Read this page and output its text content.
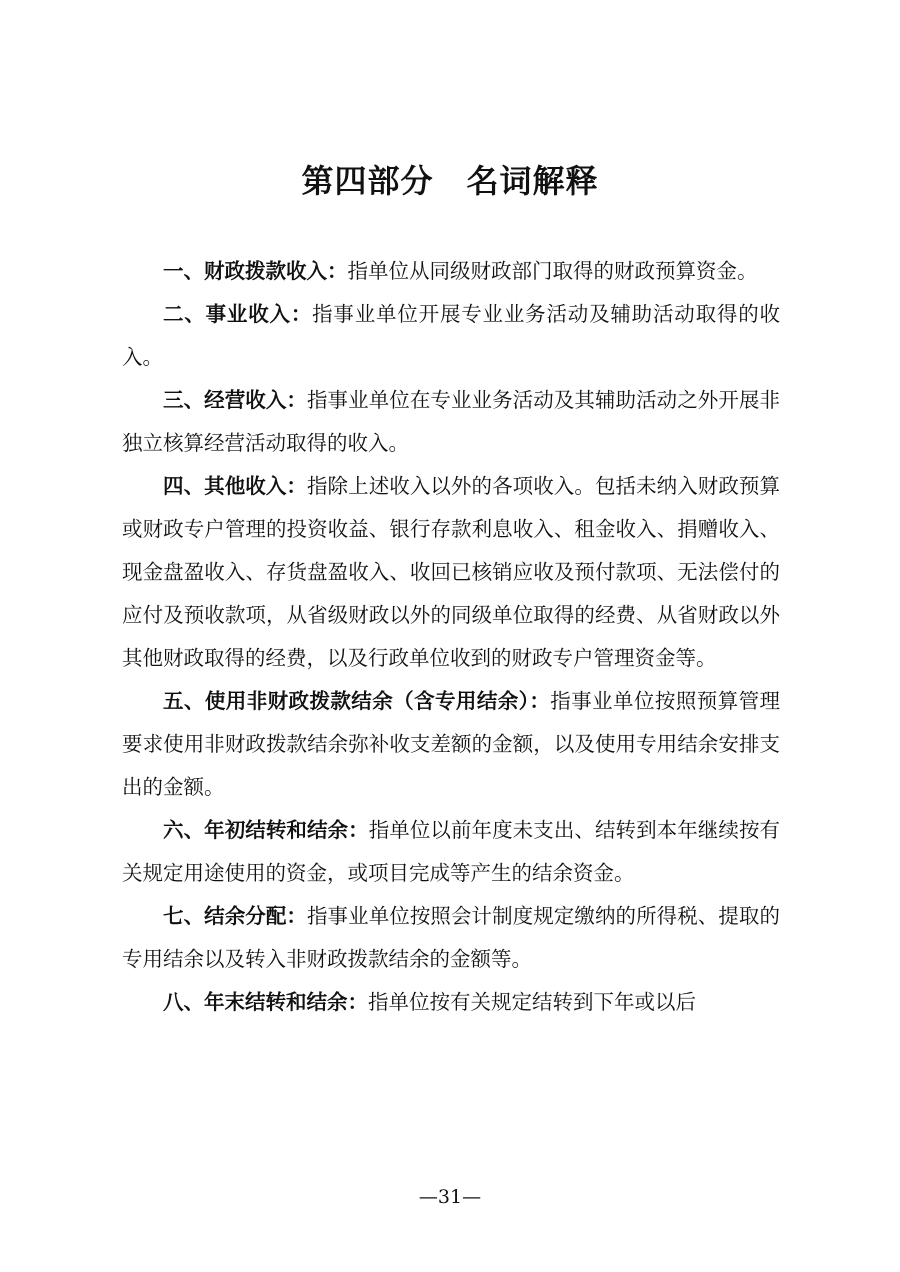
第四部分　名词解释

一、财政拨款收入：指单位从同级财政部门取得的财政预算资金。

二、事业收入：指事业单位开展专业业务活动及辅助活动取得的收入。

三、经营收入：指事业单位在专业业务活动及其辅助活动之外开展非独立核算经营活动取得的收入。

四、其他收入：指除上述收入以外的各项收入。包括未纳入财政预算或财政专户管理的投资收益、银行存款利息收入、租金收入、捐赠收入、现金盘盈收入、存货盘盈收入、收回已核销应收及预付款项、无法偿付的应付及预收款项，从省级财政以外的同级单位取得的经费、从省财政以外其他财政取得的经费，以及行政单位收到的财政专户管理资金等。

五、使用非财政拨款结余（含专用结余）：指事业单位按照预算管理要求使用非财政拨款结余弥补收支差额的金额，以及使用专用结余安排支出的金额。

六、年初结转和结余：指单位以前年度未支出、结转到本年继续按有关规定用途使用的资金，或项目完成等产生的结余资金。

七、结余分配：指事业单位按照会计制度规定缴纳的所得税、提取的专用结余以及转入非财政拨款结余的金额等。

八、年末结转和结余：指单位按有关规定结转到下年或以后

—31—
